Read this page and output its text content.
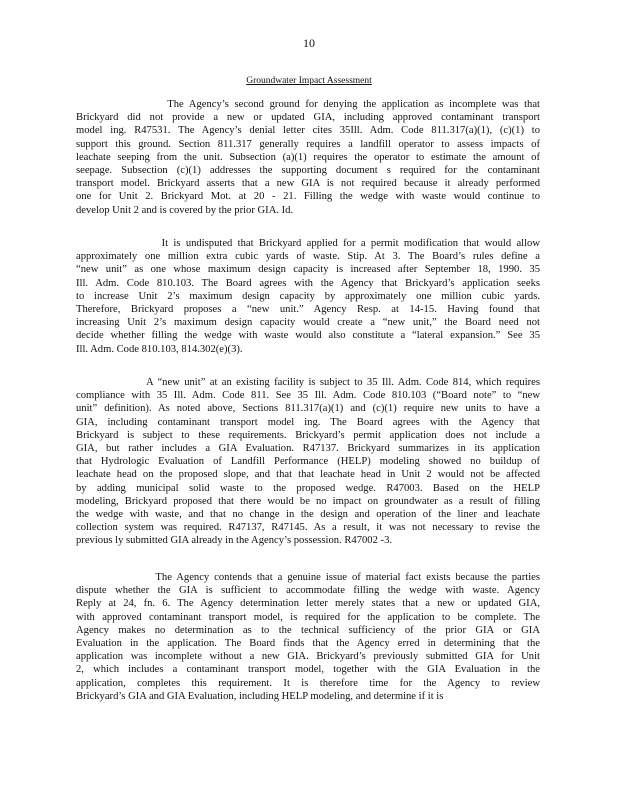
10
Groundwater Impact Assessment
The Agency’s second ground for denying the application as incomplete was that
Brickyard did not provide a new or updated GIA, including approved contaminant transport
model ing. R47531. The Agency’s denial letter cites 35Ill. Adm. Code 811.317(a)(1), (c)(1) to
support this ground. Section 811.317 generally requires a landfill operator to assess impacts of
leachate seeping from the unit. Subsection (a)(1) requires the operator to estimate the amount of
seepage. Subsection (c)(1) addresses the supporting document s required for the contaminant
transport model. Brickyard asserts that a new GIA is not required because it already performed
one for Unit 2. Brickyard Mot. at 20 - 21. Filling the wedge with waste would continue to
develop Unit 2 and is covered by the prior GIA. Id.
It is undisputed that Brickyard applied for a permit modification that would allow
approximately one million extra cubic yards of waste. Stip. At 3. The Board’s rules define a
“new unit” as one whose maximum design capacity is increased after September 18, 1990. 35
Ill. Adm. Code 810.103. The Board agrees with the Agency that Brickyard’s application seeks
to increase Unit 2’s maximum design capacity by approximately one million cubic yards.
Therefore, Brickyard proposes a “new unit.” Agency Resp. at 14-15. Having found that
increasing Unit 2’s maximum design capacity would create a “new unit,” the Board need not
decide whether filling the wedge with waste would also constitute a “lateral expansion.” See 35
Ill. Adm. Code 810.103, 814.302(e)(3).
A “new unit” at an existing facility is subject to 35 Ill. Adm. Code 814, which requires
compliance with 35 Ill. Adm. Code 811. See 35 Ill. Adm. Code 810.103 (“Board note” to “new
unit” definition). As noted above, Sections 811.317(a)(1) and (c)(1) require new units to have a
GIA, including contaminant transport model ing. The Board agrees with the Agency that
Brickyard is subject to these requirements. Brickyard’s permit application does not include a
GIA, but rather includes a GIA Evaluation. R47137. Brickyard summarizes in its application
that Hydrologic Evaluation of Landfill Performance (HELP) modeling showed no buildup of
leachate head on the proposed slope, and that that leachate head in Unit 2 would not be affected
by adding municipal solid waste to the proposed wedge. R47003. Based on the HELP
modeling, Brickyard proposed that there would be no impact on groundwater as a result of filling
the wedge with waste, and that no change in the design and operation of the liner and leachate
collection system was required. R47137, R47145. As a result, it was not necessary to revise the
previous ly submitted GIA already in the Agency’s possession. R47002 -3.
The Agency contends that a genuine issue of material fact exists because the parties
dispute whether the GIA is sufficient to accommodate filling the wedge with waste. Agency
Reply at 24, fn. 6. The Agency determination letter merely states that a new or updated GIA,
with approved contaminant transport model, is required for the application to be complete. The
Agency makes no determination as to the technical sufficiency of the prior GIA or GIA
Evaluation in the application. The Board finds that the Agency erred in determining that the
application was incomplete without a new GIA. Brickyard’s previously submitted GIA for Unit
2, which includes a contaminant transport model, together with the GIA Evaluation in the
application, completes this requirement. It is therefore time for the Agency to review
Brickyard’s GIA and GIA Evaluation, including HELP modeling, and determine if it is
